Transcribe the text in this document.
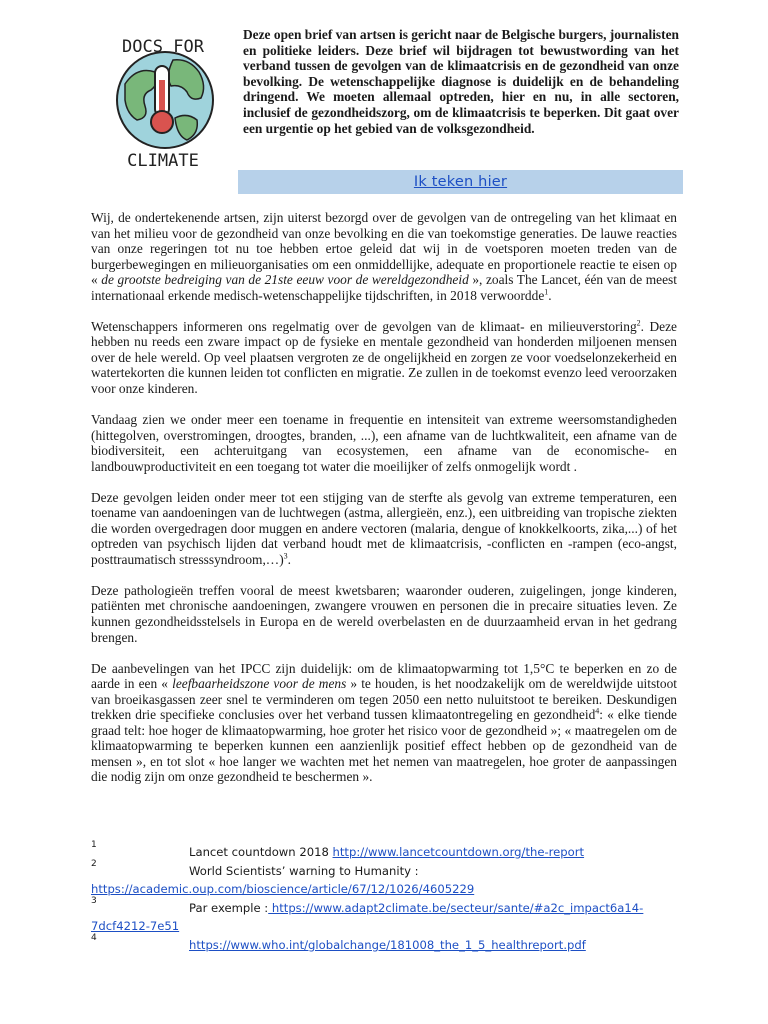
DOCS FOR
CLIMATE
Deze open brief van artsen is gericht naar de Belgische burgers, journalisten en politieke leiders. Deze brief wil bijdragen tot bewustwording van het verband tussen de gevolgen van de klimaatcrisis en de gezondheid van onze bevolking. De wetenschappelijke diagnose is duidelijk en de behandeling dringend. We moeten allemaal optreden, hier en nu, in alle sectoren, inclusief de gezondheidszorg, om de klimaatcrisis te beperken. Dit gaat over een urgentie op het gebied van de volksgezondheid.
Ik teken hier

Wij, de ondertekenende artsen, zijn uiterst bezorgd over de gevolgen van de ontregeling van het klimaat en van het milieu voor de gezondheid van onze bevolking en die van toekomstige generaties. De lauwe reacties van onze regeringen tot nu toe hebben ertoe geleid dat wij in de voetsporen moeten treden van de burgerbewegingen en milieuorganisaties om een onmiddellijke, adequate en proportionele reactie te eisen op « de grootste bedreiging van de 21ste eeuw voor de wereldgezondheid », zoals The Lancet, één van de meest internationaal erkende medisch-wetenschappelijke tijdschriften, in 2018 verwoordde$^1$.

Wetenschappers informeren ons regelmatig over de gevolgen van de klimaat- en milieuverstoring$^2$. Deze hebben nu reeds een zware impact op de fysieke en mentale gezondheid van honderden miljoenen mensen over de hele wereld. Op veel plaatsen vergroten ze de ongelijkheid en zorgen ze voor voedselonzekerheid en watertekorten die kunnen leiden tot conflicten en migratie. Ze zullen in de toekomst evenzo leed veroorzaken voor onze kinderen.

Vandaag zien we onder meer een toename in frequentie en intensiteit van extreme weersomstandigheden (hittegolven, overstromingen, droogtes, branden, ...), een afname van de luchtkwaliteit, een afname van de biodiversiteit, een achteruitgang van ecosystemen, een afname van de economische- en landbouwproductiviteit en een toegang tot water die moeilijker of zelfs onmogelijk wordt .

Deze gevolgen leiden onder meer tot een stijging van de sterfte als gevolg van extreme temperaturen, een toename van aandoeningen van de luchtwegen (astma, allergieën, enz.), een uitbreiding van tropische ziekten die worden overgedragen door muggen en andere vectoren (malaria, dengue of knokkelkoorts, zika,...) of het optreden van psychisch lijden dat verband houdt met de klimaatcrisis, -conflicten en -rampen (eco-angst, posttraumatisch stresssyndroom,…)$^3$.

Deze pathologieën treffen vooral de meest kwetsbaren; waaronder ouderen, zuigelingen, jonge kinderen, patiënten met chronische aandoeningen, zwangere vrouwen en personen die in precaire situaties leven. Ze kunnen gezondheidsstelsels in Europa en de wereld overbelasten en de duurzaamheid ervan in het gedrang brengen.

De aanbevelingen van het IPCC zijn duidelijk: om de klimaatopwarming tot 1,5°C te beperken en zo de aarde in een « leefbaarheidszone voor de mens » te houden, is het noodzakelijk om de wereldwijde uitstoot van broeikasgassen zeer snel te verminderen om tegen 2050 een netto nuluitstoot te bereiken. Deskundigen trekken drie specifieke conclusies over het verband tussen klimaatontregeling en gezondheid$^4$: « elke tiende graad telt: hoe hoger de klimaatopwarming, hoe groter het risico voor de gezondheid »; « maatregelen om de klimaatopwarming te beperken kunnen een aanzienlijk positief effect hebben op de gezondheid van de mensen », en tot slot « hoe langer we wachten met het nemen van maatregelen, hoe groter de aanpassingen die nodig zijn om onze gezondheid te beschermen ».

1	Lancet countdown 2018 http://www.lancetcountdown.org/the-report
2	World Scientists’ warning to Humanity :
https://academic.oup.com/bioscience/article/67/12/1026/4605229
3	Par exemple : https://www.adapt2climate.be/secteur/sante/#a2c_impact6a14-
7dcf4212-7e51
4	https://www.who.int/globalchange/181008_the_1_5_healthreport.pdf
